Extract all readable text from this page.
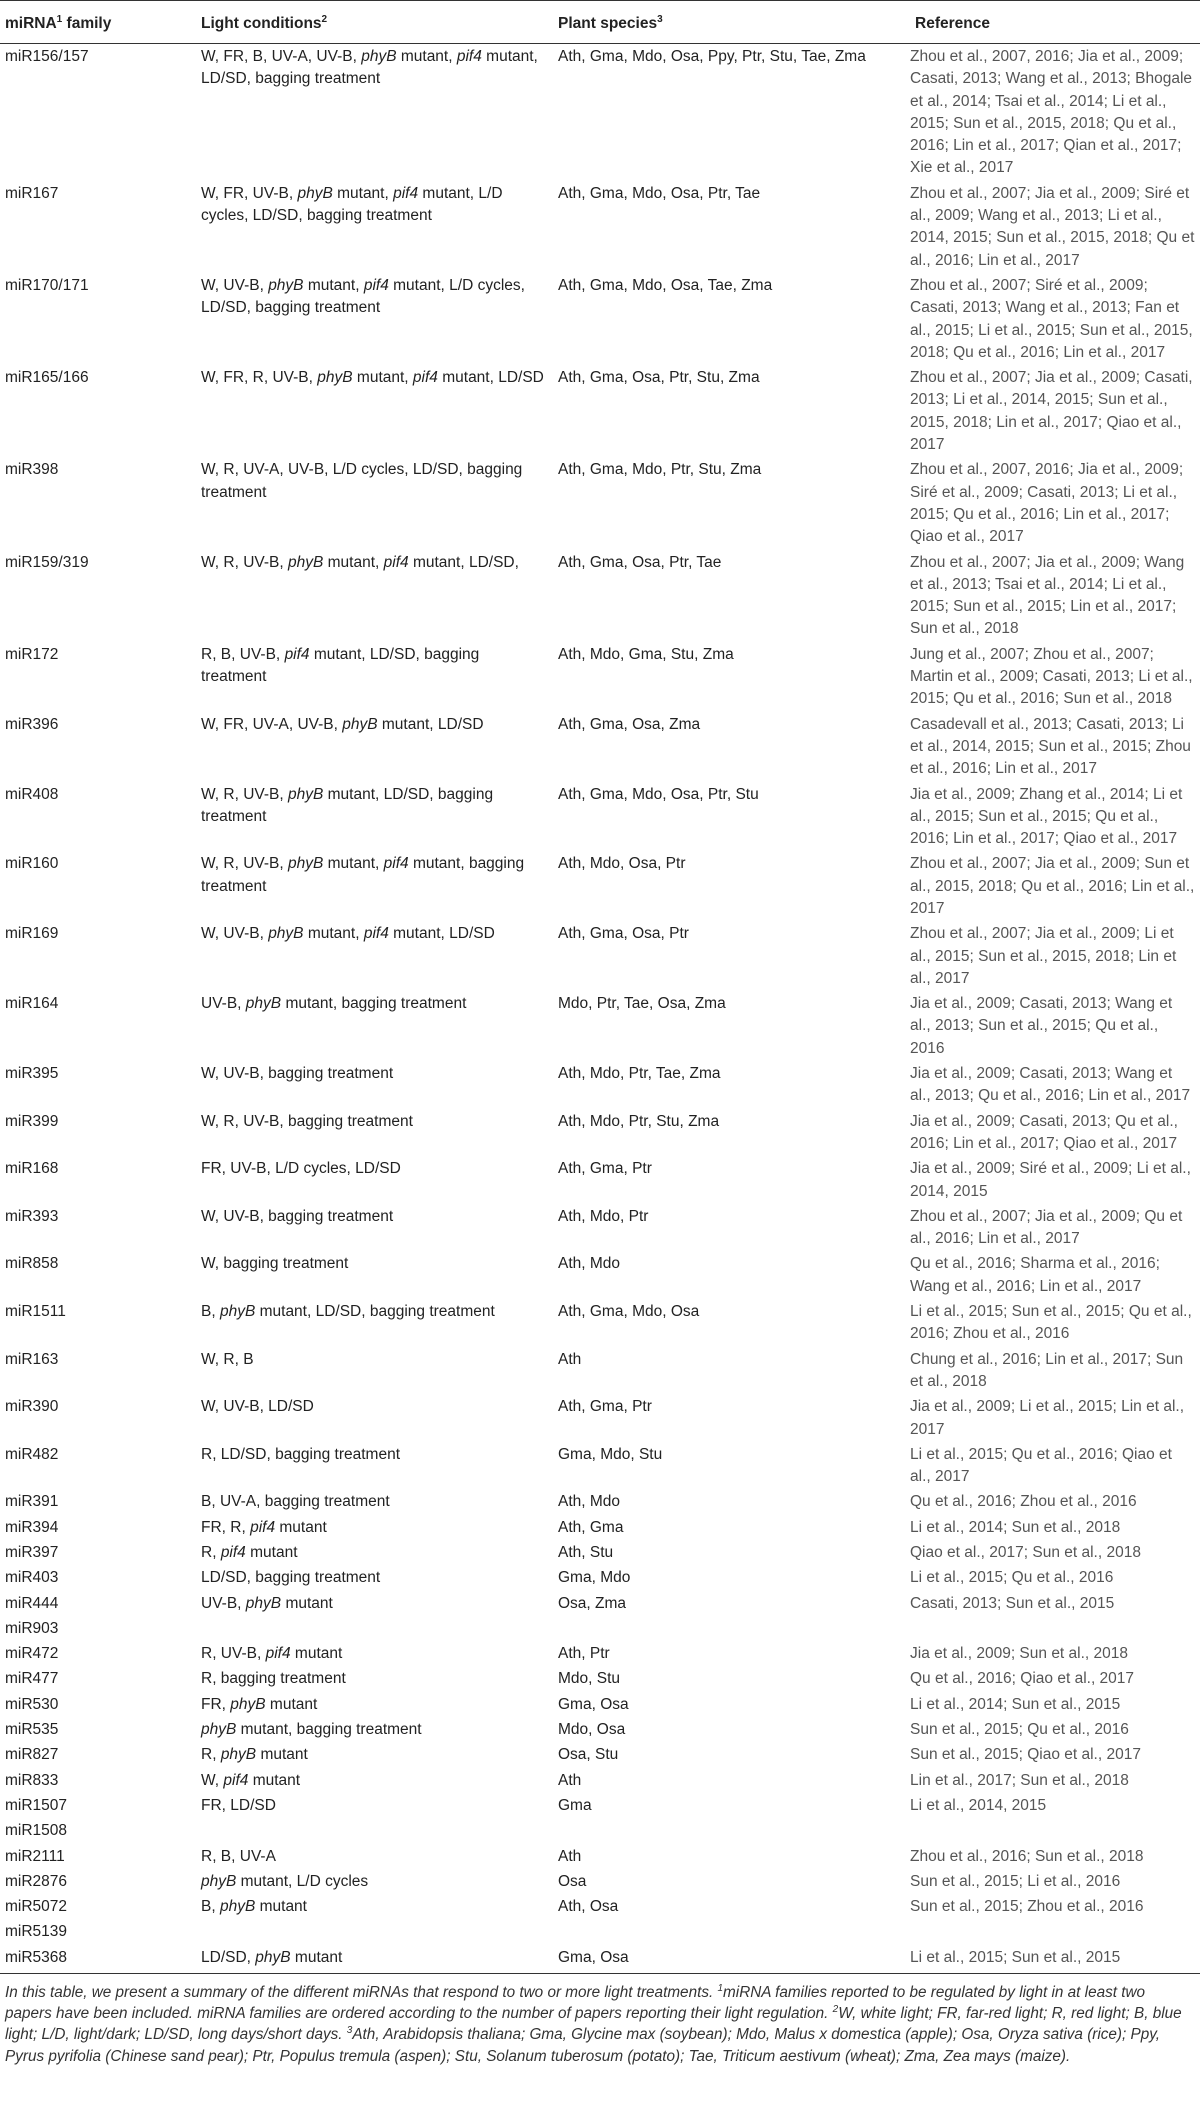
miRNA$^1$ family	Light conditions$^2$	Plant species$^3$	Reference
miR156/157	W, FR, B, UV-A, UV-B, phyB mutant, pif4 mutant, LD/SD, bagging treatment	Ath, Gma, Mdo, Osa, Ppy, Ptr, Stu, Tae, Zma	Zhou et al., 2007, 2016; Jia et al., 2009; Casati, 2013; Wang et al., 2013; Bhogale et al., 2014; Tsai et al., 2014; Li et al., 2015; Sun et al., 2015, 2018; Qu et al., 2016; Lin et al., 2017; Qian et al., 2017; Xie et al., 2017
miR167	W, FR, UV-B, phyB mutant, pif4 mutant, L/D cycles, LD/SD, bagging treatment	Ath, Gma, Mdo, Osa, Ptr, Tae	Zhou et al., 2007; Jia et al., 2009; Siré et al., 2009; Wang et al., 2013; Li et al., 2014, 2015; Sun et al., 2015, 2018; Qu et al., 2016; Lin et al., 2017
miR170/171	W, UV-B, phyB mutant, pif4 mutant, L/D cycles, LD/SD, bagging treatment	Ath, Gma, Mdo, Osa, Tae, Zma	Zhou et al., 2007; Siré et al., 2009; Casati, 2013; Wang et al., 2013; Fan et al., 2015; Li et al., 2015; Sun et al., 2015, 2018; Qu et al., 2016; Lin et al., 2017
miR165/166	W, FR, R, UV-B, phyB mutant, pif4 mutant, LD/SD	Ath, Gma, Osa, Ptr, Stu, Zma	Zhou et al., 2007; Jia et al., 2009; Casati, 2013; Li et al., 2014, 2015; Sun et al., 2015, 2018; Lin et al., 2017; Qiao et al., 2017
miR398	W, R, UV-A, UV-B, L/D cycles, LD/SD, bagging treatment	Ath, Gma, Mdo, Ptr, Stu, Zma	Zhou et al., 2007, 2016; Jia et al., 2009; Siré et al., 2009; Casati, 2013; Li et al., 2015; Qu et al., 2016; Lin et al., 2017; Qiao et al., 2017
miR159/319	W, R, UV-B, phyB mutant, pif4 mutant, LD/SD,	Ath, Gma, Osa, Ptr, Tae	Zhou et al., 2007; Jia et al., 2009; Wang et al., 2013; Tsai et al., 2014; Li et al., 2015; Sun et al., 2015; Lin et al., 2017; Sun et al., 2018
miR172	R, B, UV-B, pif4 mutant, LD/SD, bagging treatment	Ath, Mdo, Gma, Stu, Zma	Jung et al., 2007; Zhou et al., 2007; Martin et al., 2009; Casati, 2013; Li et al., 2015; Qu et al., 2016; Sun et al., 2018
miR396	W, FR, UV-A, UV-B, phyB mutant, LD/SD	Ath, Gma, Osa, Zma	Casadevall et al., 2013; Casati, 2013; Li et al., 2014, 2015; Sun et al., 2015; Zhou et al., 2016; Lin et al., 2017
miR408	W, R, UV-B, phyB mutant, LD/SD, bagging treatment	Ath, Gma, Mdo, Osa, Ptr, Stu	Jia et al., 2009; Zhang et al., 2014; Li et al., 2015; Sun et al., 2015; Qu et al., 2016; Lin et al., 2017; Qiao et al., 2017
miR160	W, R, UV-B, phyB mutant, pif4 mutant, bagging treatment	Ath, Mdo, Osa, Ptr	Zhou et al., 2007; Jia et al., 2009; Sun et al., 2015, 2018; Qu et al., 2016; Lin et al., 2017
miR169	W, UV-B, phyB mutant, pif4 mutant, LD/SD	Ath, Gma, Osa, Ptr	Zhou et al., 2007; Jia et al., 2009; Li et al., 2015; Sun et al., 2015, 2018; Lin et al., 2017
miR164	UV-B, phyB mutant, bagging treatment	Mdo, Ptr, Tae, Osa, Zma	Jia et al., 2009; Casati, 2013; Wang et al., 2013; Sun et al., 2015; Qu et al., 2016
miR395	W, UV-B, bagging treatment	Ath, Mdo, Ptr, Tae, Zma	Jia et al., 2009; Casati, 2013; Wang et al., 2013; Qu et al., 2016; Lin et al., 2017
miR399	W, R, UV-B, bagging treatment	Ath, Mdo, Ptr, Stu, Zma	Jia et al., 2009; Casati, 2013; Qu et al., 2016; Lin et al., 2017; Qiao et al., 2017
miR168	FR, UV-B, L/D cycles, LD/SD	Ath, Gma, Ptr	Jia et al., 2009; Siré et al., 2009; Li et al., 2014, 2015
miR393	W, UV-B, bagging treatment	Ath, Mdo, Ptr	Zhou et al., 2007; Jia et al., 2009; Qu et al., 2016; Lin et al., 2017
miR858	W, bagging treatment	Ath, Mdo	Qu et al., 2016; Sharma et al., 2016; Wang et al., 2016; Lin et al., 2017
miR1511	B, phyB mutant, LD/SD, bagging treatment	Ath, Gma, Mdo, Osa	Li et al., 2015; Sun et al., 2015; Qu et al., 2016; Zhou et al., 2016
miR163	W, R, B	Ath	Chung et al., 2016; Lin et al., 2017; Sun et al., 2018
miR390	W, UV-B, LD/SD	Ath, Gma, Ptr	Jia et al., 2009; Li et al., 2015; Lin et al., 2017
miR482	R, LD/SD, bagging treatment	Gma, Mdo, Stu	Li et al., 2015; Qu et al., 2016; Qiao et al., 2017
miR391	B, UV-A, bagging treatment	Ath, Mdo	Qu et al., 2016; Zhou et al., 2016
miR394	FR, R, pif4 mutant	Ath, Gma	Li et al., 2014; Sun et al., 2018
miR397	R, pif4 mutant	Ath, Stu	Qiao et al., 2017; Sun et al., 2018
miR403	LD/SD, bagging treatment	Gma, Mdo	Li et al., 2015; Qu et al., 2016
miR444	UV-B, phyB mutant	Osa, Zma	Casati, 2013; Sun et al., 2015
miR903			
miR472	R, UV-B, pif4 mutant	Ath, Ptr	Jia et al., 2009; Sun et al., 2018
miR477	R, bagging treatment	Mdo, Stu	Qu et al., 2016; Qiao et al., 2017
miR530	FR, phyB mutant	Gma, Osa	Li et al., 2014; Sun et al., 2015
miR535	phyB mutant, bagging treatment	Mdo, Osa	Sun et al., 2015; Qu et al., 2016
miR827	R, phyB mutant	Osa, Stu	Sun et al., 2015; Qiao et al., 2017
miR833	W, pif4 mutant	Ath	Lin et al., 2017; Sun et al., 2018
miR1507	FR, LD/SD	Gma	Li et al., 2014, 2015
miR1508			
miR2111	R, B, UV-A	Ath	Zhou et al., 2016; Sun et al., 2018
miR2876	phyB mutant, L/D cycles	Osa	Sun et al., 2015; Li et al., 2016
miR5072	B, phyB mutant	Ath, Osa	Sun et al., 2015; Zhou et al., 2016
miR5139			
miR5368	LD/SD, phyB mutant	Gma, Osa	Li et al., 2015; Sun et al., 2015
In this table, we present a summary of the different miRNAs that respond to two or more light treatments. $^1$miRNA families reported to be regulated by light in at least two papers have been included. miRNA families are ordered according to the number of papers reporting their light regulation. $^2$W, white light; FR, far-red light; R, red light; B, blue light; L/D, light/dark; LD/SD, long days/short days. $^3$Ath, Arabidopsis thaliana; Gma, Glycine max (soybean); Mdo, Malus x domestica (apple); Osa, Oryza sativa (rice); Ppy, Pyrus pyrifolia (Chinese sand pear); Ptr, Populus tremula (aspen); Stu, Solanum tuberosum (potato); Tae, Triticum aestivum (wheat); Zma, Zea mays (maize).
